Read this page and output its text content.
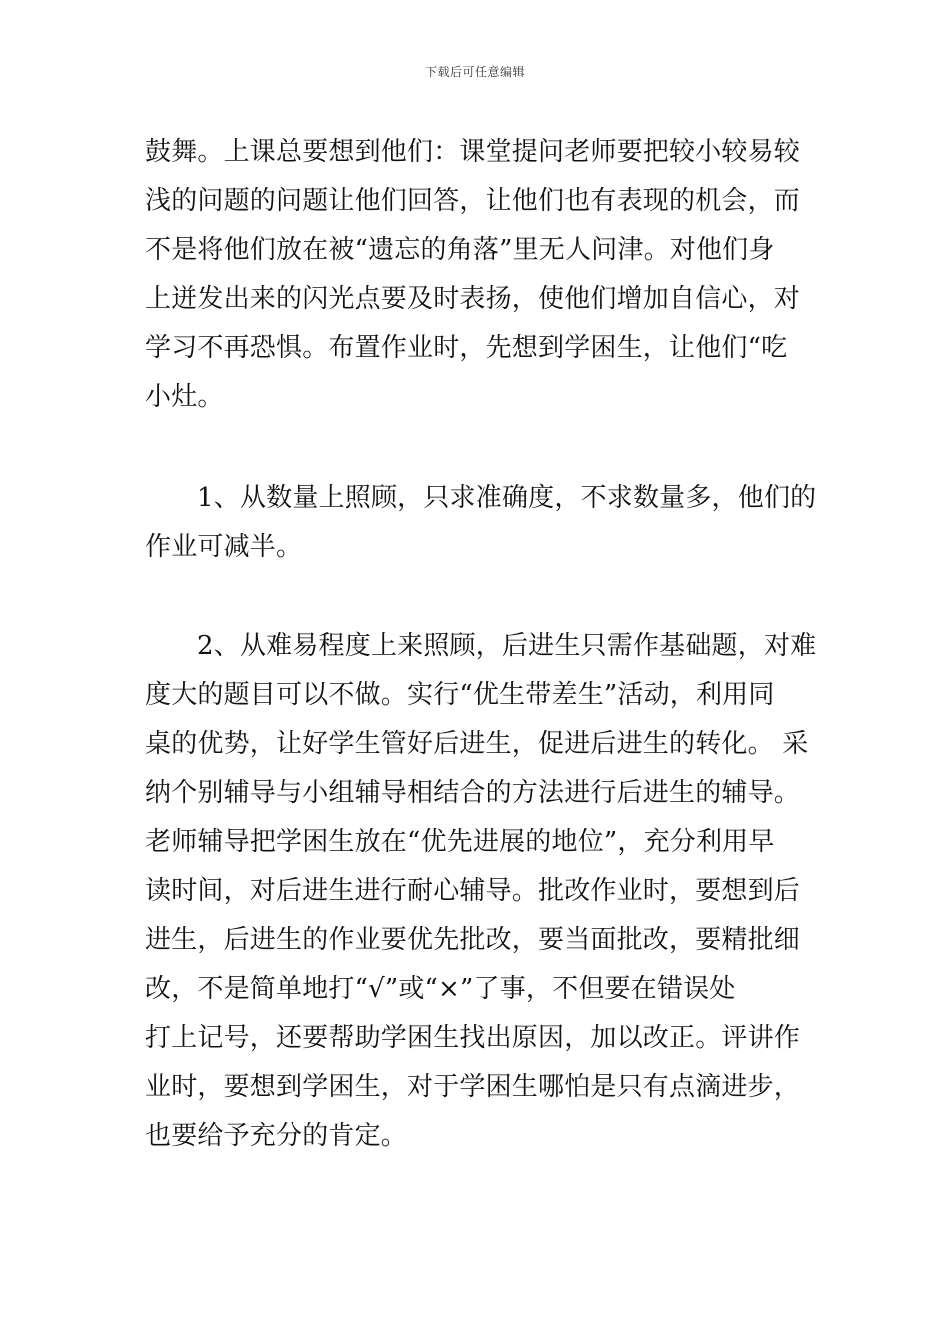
下载后可任意编辑
鼓舞。上课总要想到他们：课堂提问老师要把较小较易较
浅的问题的问题让他们回答，让他们也有表现的机会，而
不是将他们放在被“遗忘的角落”里无人问津。对他们身
上迸发出来的闪光点要及时表扬，使他们增加自信心，对
学习不再恐惧。布置作业时，先想到学困生，让他们“吃
小灶。
1、从数量上照顾，只求准确度，不求数量多，他们的
作业可减半。
2、从难易程度上来照顾，后进生只需作基础题，对难
度大的题目可以不做。实行“优生带差生”活动，利用同
桌的优势，让好学生管好后进生，促进后进生的转化。 采
纳个别辅导与小组辅导相结合的方法进行后进生的辅导。
老师辅导把学困生放在“优先进展的地位”，充分利用早
读时间，对后进生进行耐心辅导。批改作业时，要想到后
进生，后进生的作业要优先批改，要当面批改，要精批细
改，不是简单地打“√”或“×”了事，不但要在错误处
打上记号，还要帮助学困生找出原因，加以改正。评讲作
业时，要想到学困生，对于学困生哪怕是只有点滴进步，
也要给予充分的肯定。
